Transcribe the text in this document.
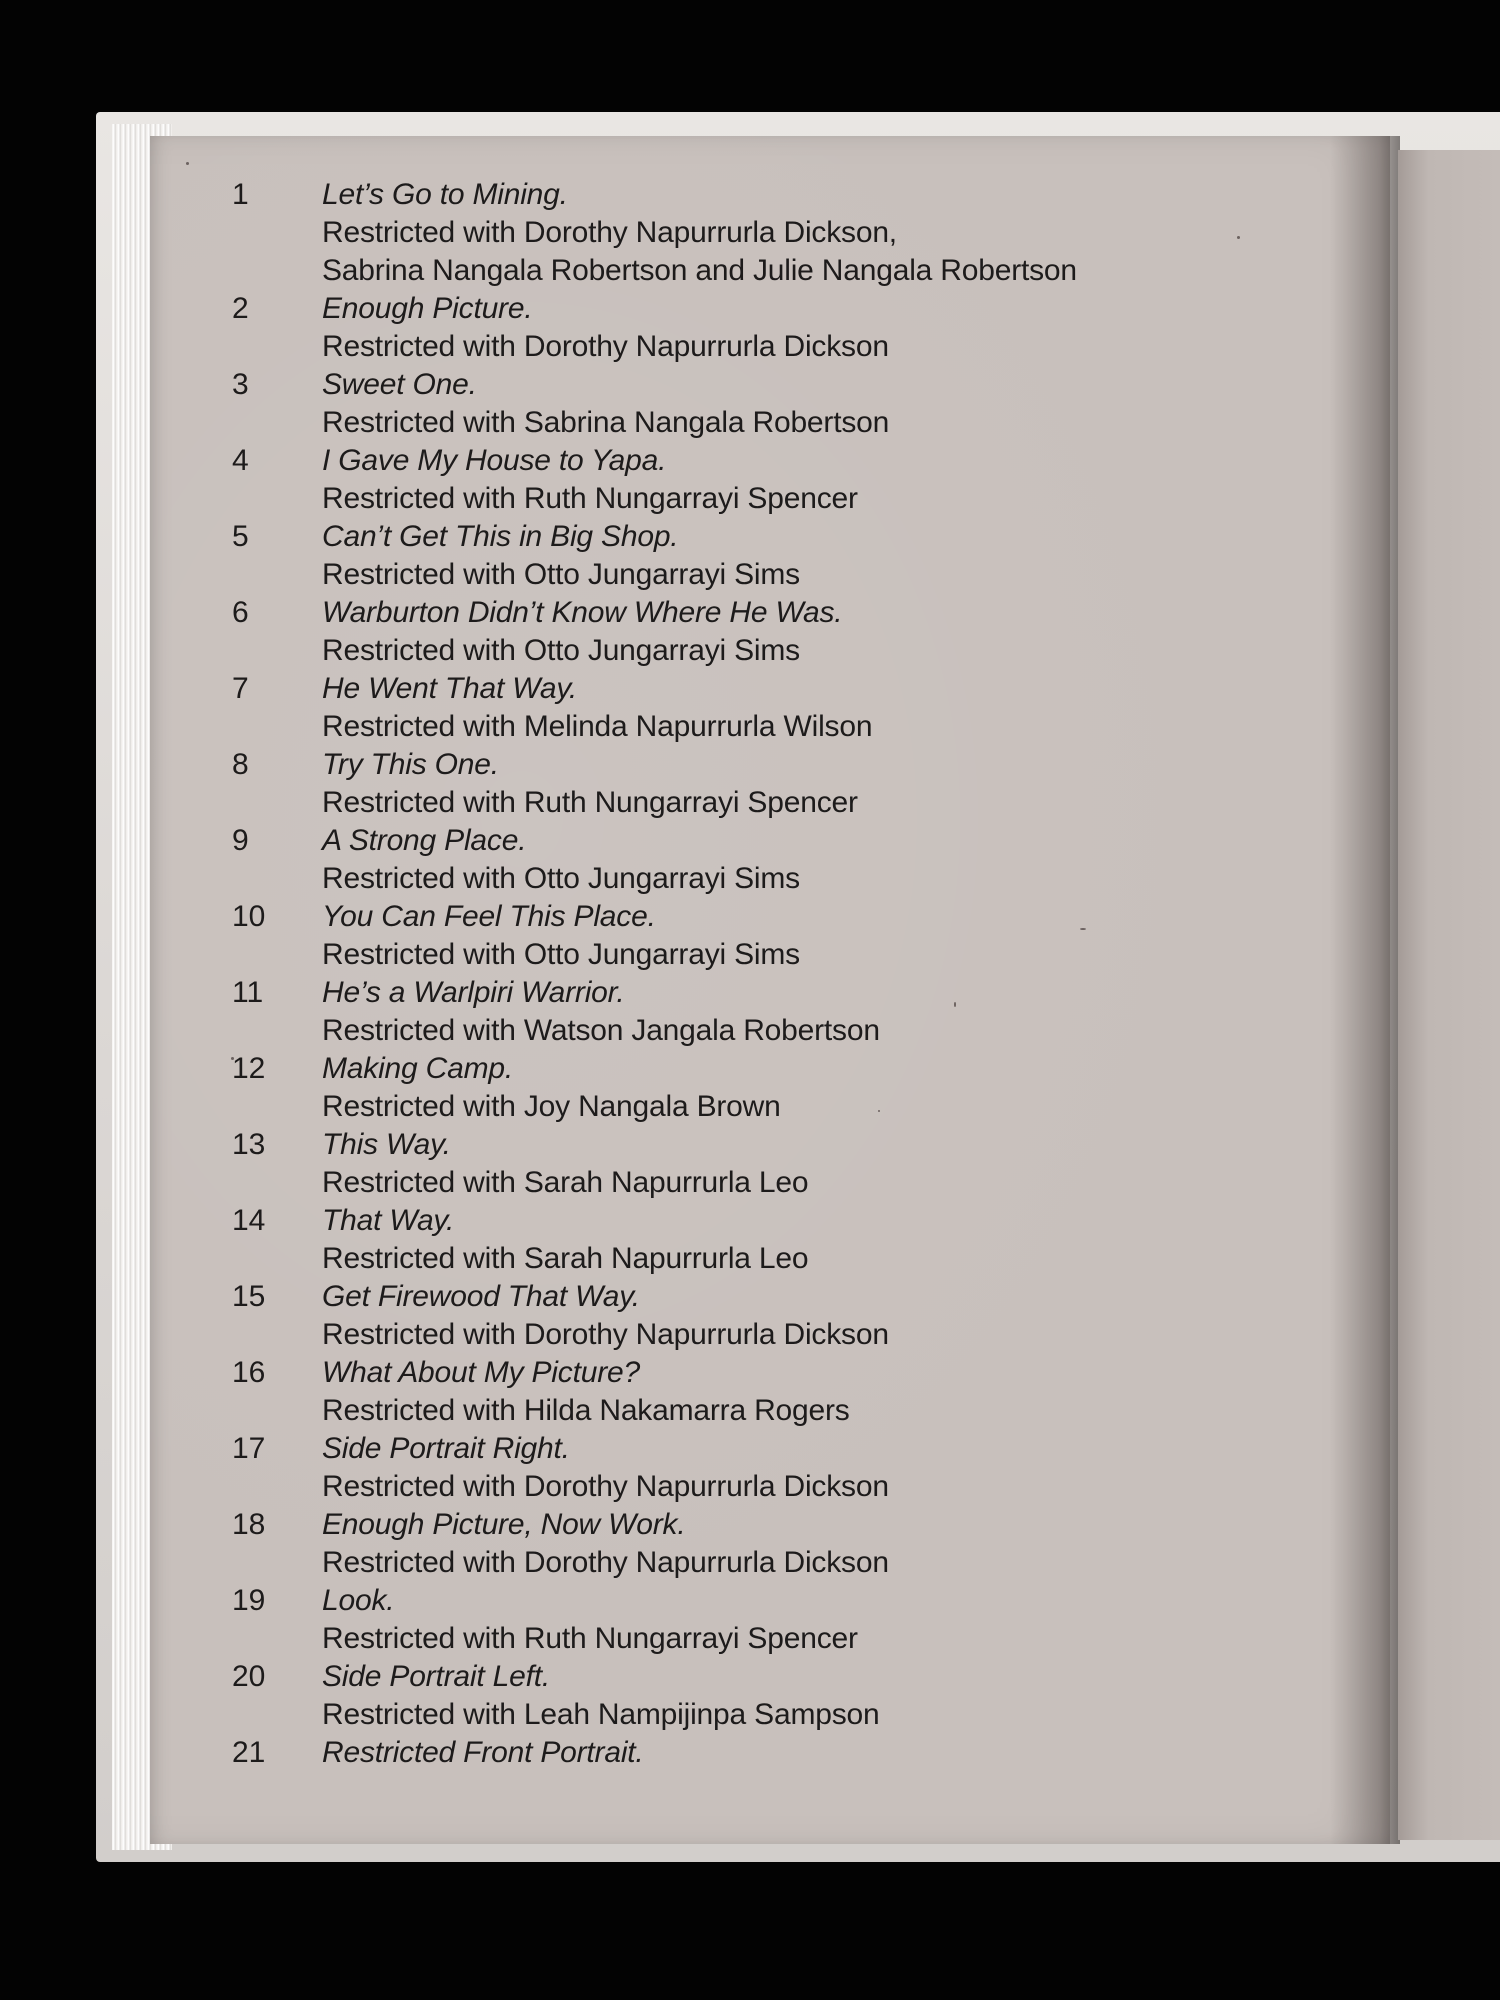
1	Let’s Go to Mining.
Restricted with Dorothy Napurrurla Dickson,
Sabrina Nangala Robertson and Julie Nangala Robertson
2	Enough Picture.
Restricted with Dorothy Napurrurla Dickson
3	Sweet One.
Restricted with Sabrina Nangala Robertson
4	I Gave My House to Yapa.
Restricted with Ruth Nungarrayi Spencer
5	Can’t Get This in Big Shop.
Restricted with Otto Jungarrayi Sims
6	Warburton Didn’t Know Where He Was.
Restricted with Otto Jungarrayi Sims
7	He Went That Way.
Restricted with Melinda Napurrurla Wilson
8	Try This One.
Restricted with Ruth Nungarrayi Spencer
9	A Strong Place.
Restricted with Otto Jungarrayi Sims
10	You Can Feel This Place.
Restricted with Otto Jungarrayi Sims
11	He’s a Warlpiri Warrior.
Restricted with Watson Jangala Robertson
12	Making Camp.
Restricted with Joy Nangala Brown
13	This Way.
Restricted with Sarah Napurrurla Leo
14	That Way.
Restricted with Sarah Napurrurla Leo
15	Get Firewood That Way.
Restricted with Dorothy Napurrurla Dickson
16	What About My Picture?
Restricted with Hilda Nakamarra Rogers
17	Side Portrait Right.
Restricted with Dorothy Napurrurla Dickson
18	Enough Picture, Now Work.
Restricted with Dorothy Napurrurla Dickson
19	Look.
Restricted with Ruth Nungarrayi Spencer
20	Side Portrait Left.
Restricted with Leah Nampijinpa Sampson
21	Restricted Front Portrait.
